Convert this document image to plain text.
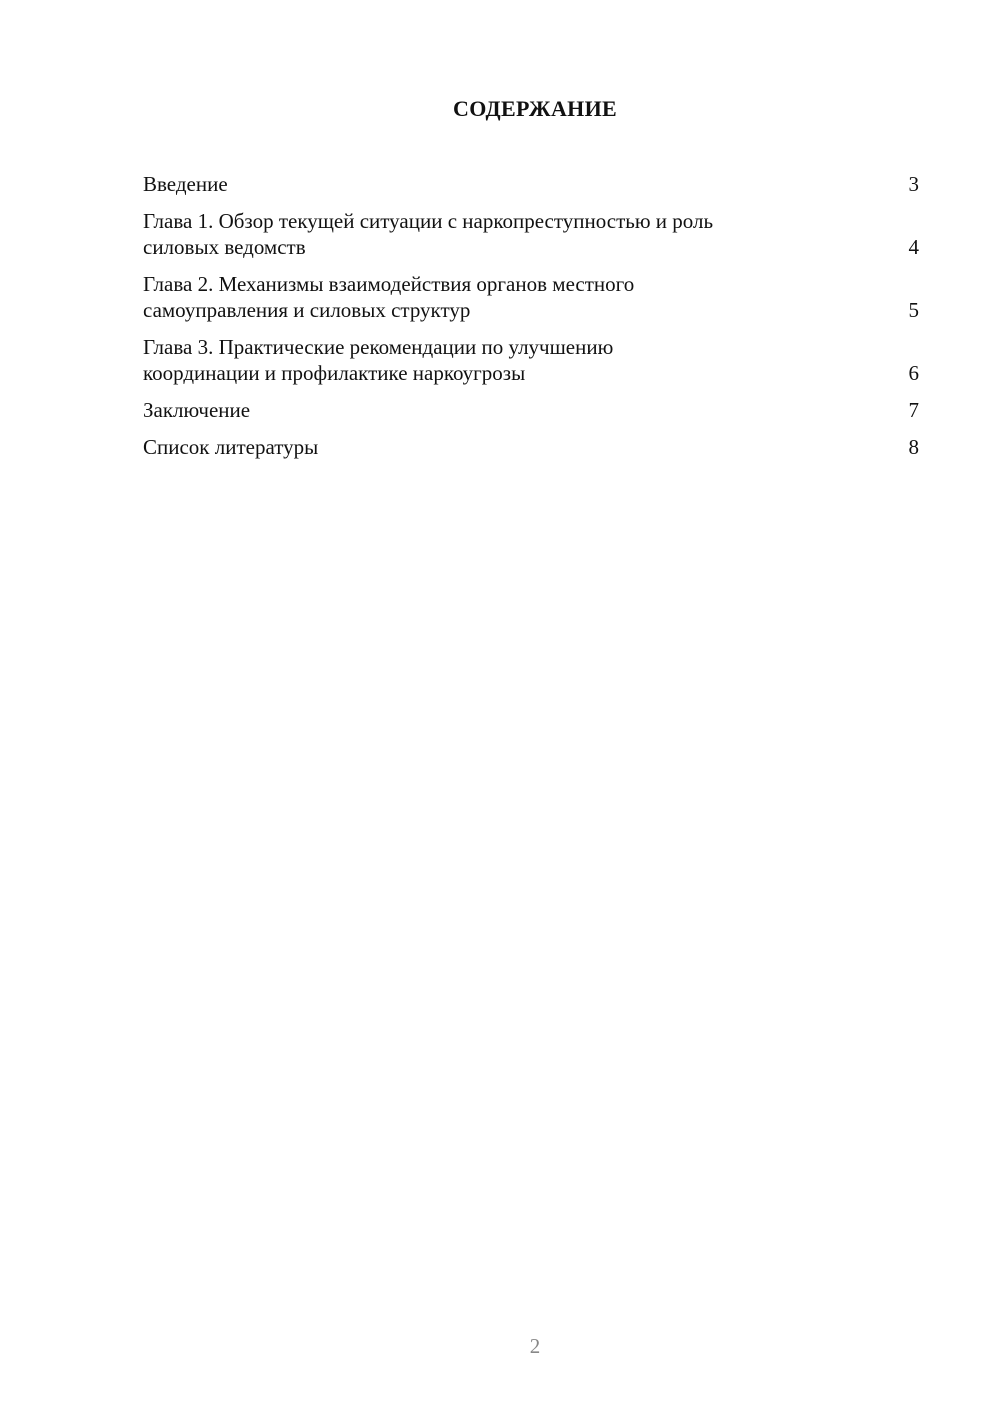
СОДЕРЖАНИЕ
Введение	3
Глава 1. Обзор текущей ситуации с наркопреступностью и роль
силовых ведомств	4
Глава 2. Механизмы взаимодействия органов местного
самоуправления и силовых структур	5
Глава 3. Практические рекомендации по улучшению
координации и профилактике наркоугрозы	6
Заключение	7
Список литературы	8
2
